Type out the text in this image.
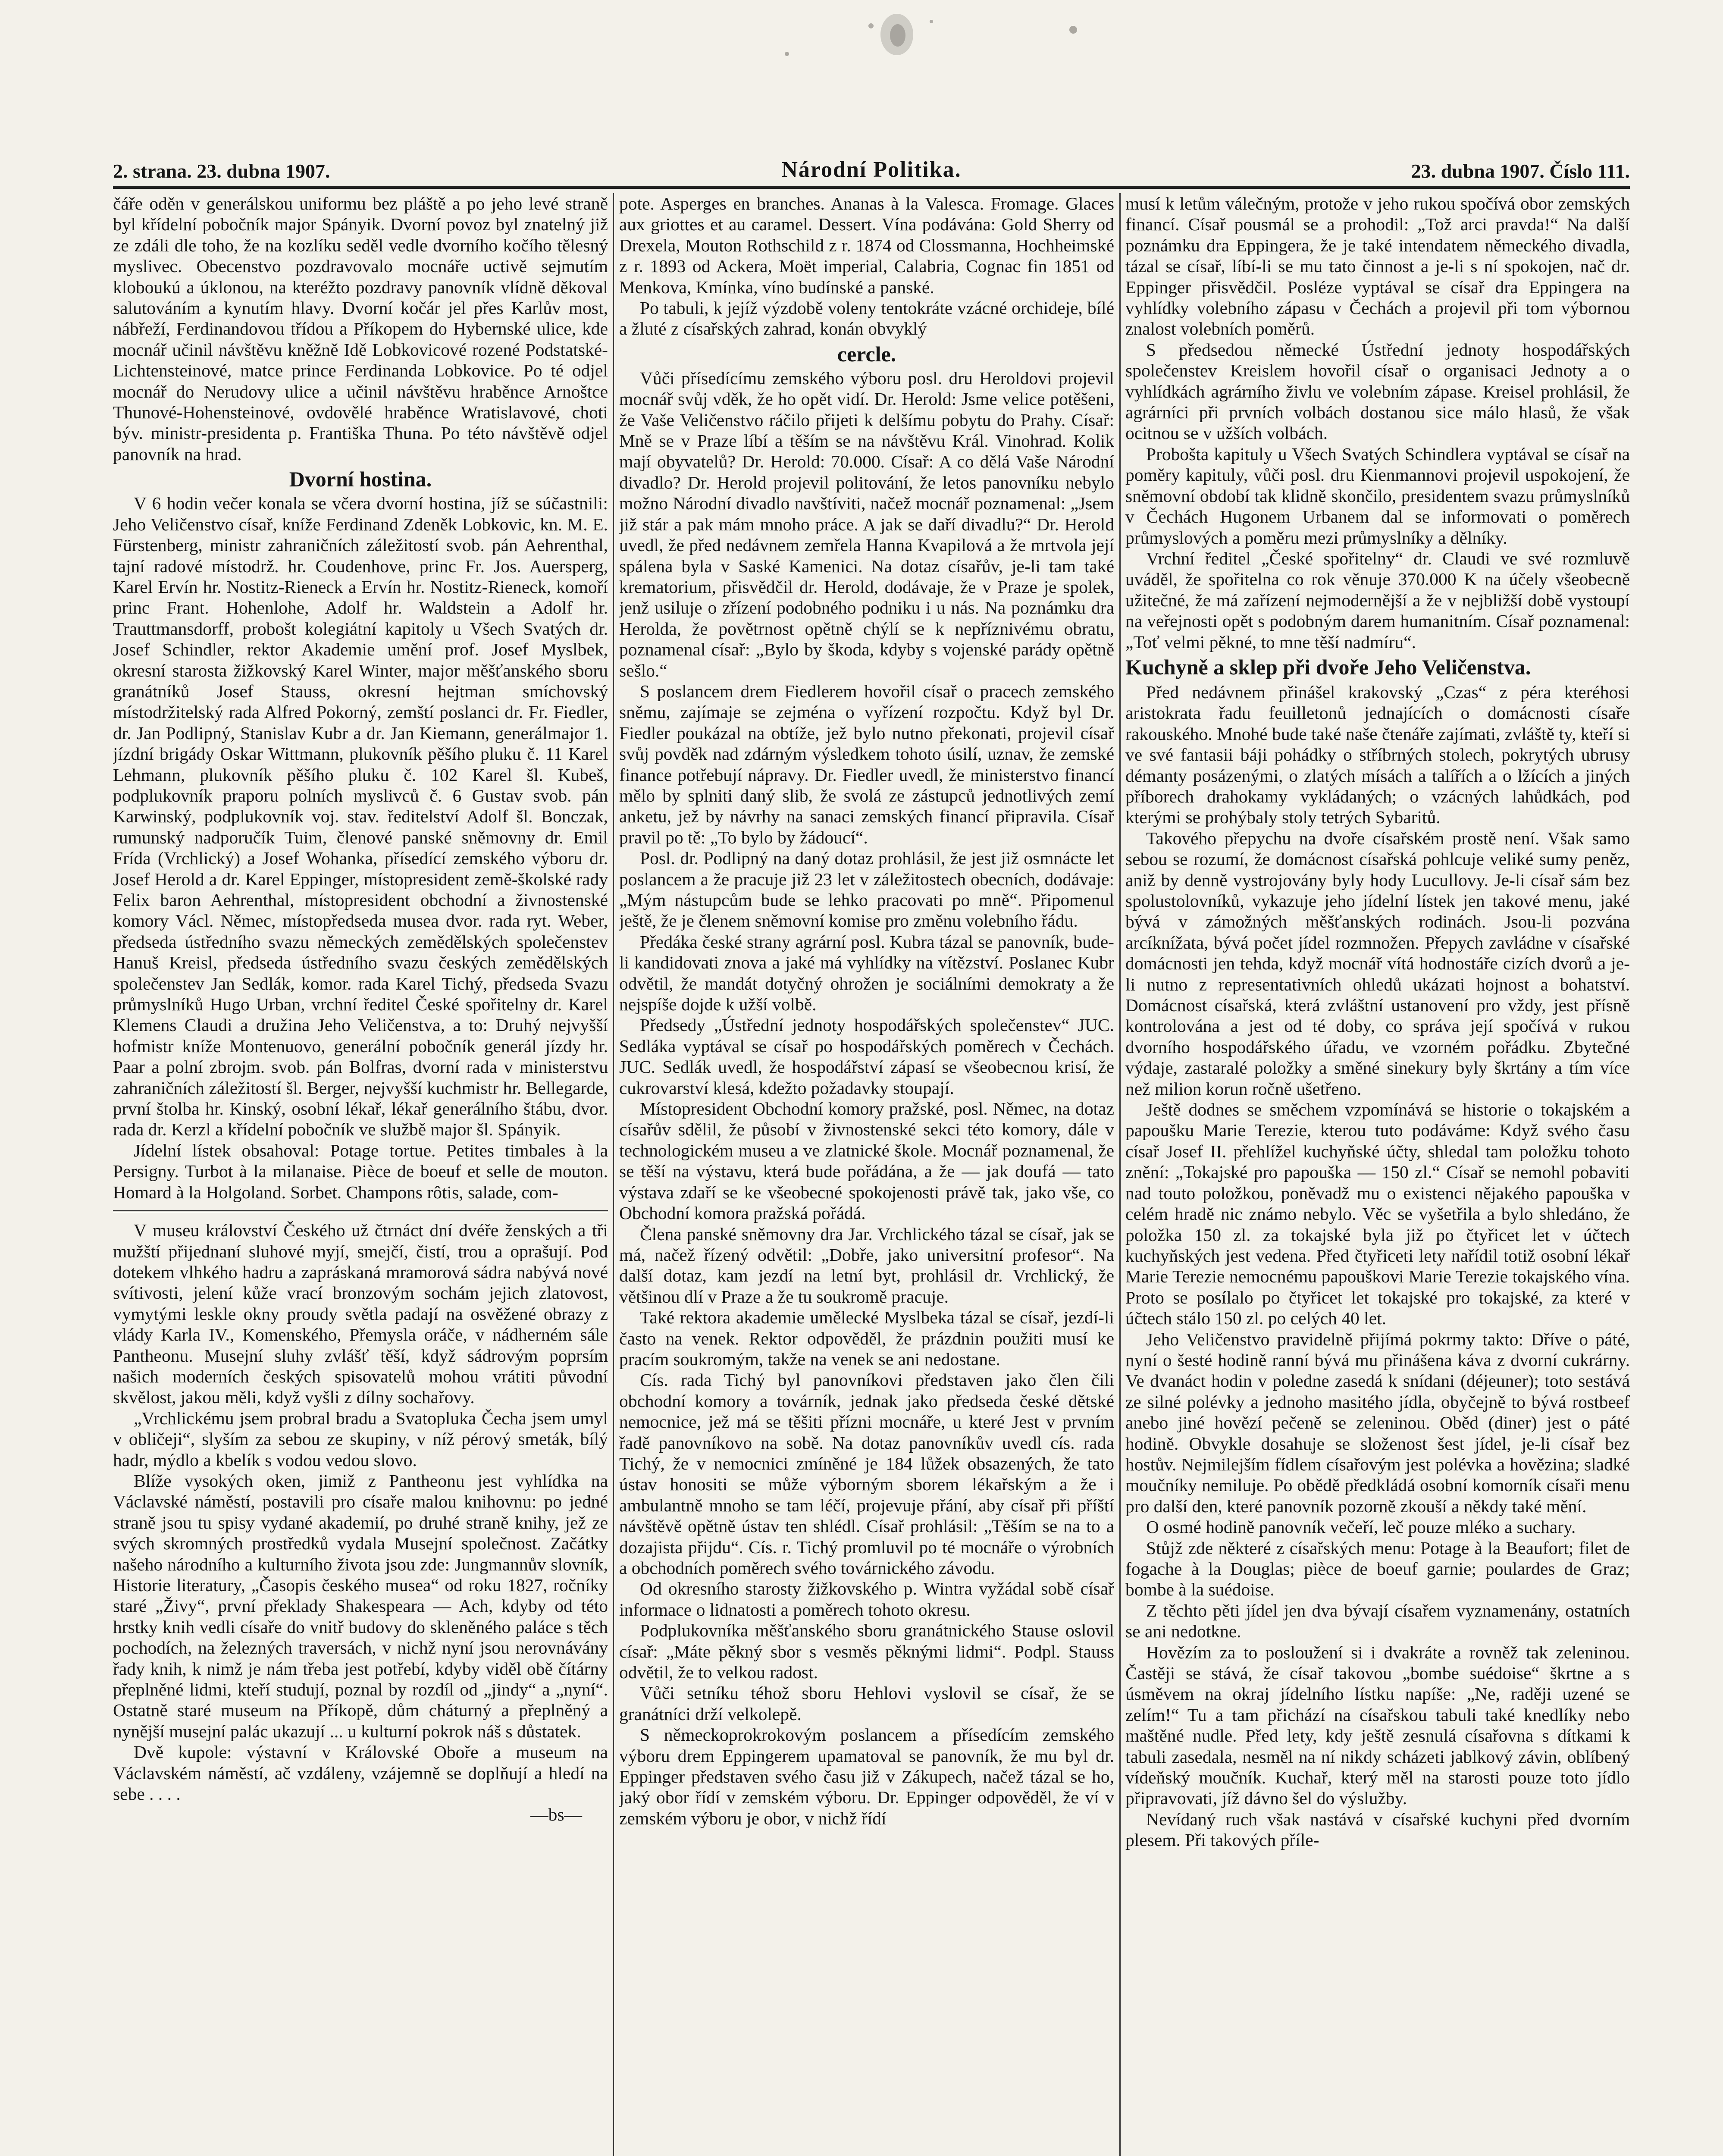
2. strana. 23. dubna 1907.	Národní Politika.	23. dubna 1907. Číslo 111.

čáře oděn v generálskou uniformu bez pláště a po jeho levé straně byl křídelní pobočník major Spányik. Dvorní povoz byl znatelný již ze zdáli dle toho, že na kozlíku seděl vedle dvorního kočího tělesný myslivec. Obecenstvo pozdravovalo mocnáře uctivě sejmutím kloboukú a úklonou, na kteréžto pozdravy panovník vlídně děkoval salutováním a kynutím hlavy. Dvorní kočár jel přes Karlův most, nábřeží, Ferdinandovou třídou a Příkopem do Hybernské ulice, kde mocnář učinil návštěvu kněžně Idě Lobkovicové rozené Podstatské-Lichtensteinové, matce prince Ferdinanda Lobkovice. Po té odjel mocnář do Nerudovy ulice a učinil návštěvu hraběnce Arnoštce Thunové-Hohensteinové, ovdovělé hraběnce Wratislavové, choti býv. ministr-presidenta p. Františka Thuna. Po této návštěvě odjel panovník na hrad.

Dvorní hostina.

V 6 hodin večer konala se včera dvorní hostina, jíž se súčastnili: Jeho Veličenstvo císař, kníže Ferdinand Zdeněk Lobkovic, kn. M. E. Fürstenberg, ministr zahraničních záležitostí svob. pán Aehrenthal, tajní radové místodrž. hr. Coudenhove, princ Fr. Jos. Auersperg, Karel Ervín hr. Nostitz-Rieneck a Ervín hr. Nostitz-Rieneck, komoří princ Frant. Hohenlohe, Adolf hr. Waldstein a Adolf hr. Trauttmansdorff, probošt kolegiátní kapitoly u Všech Svatých dr. Josef Schindler, rektor Akademie umění prof. Josef Myslbek, okresní starosta žižkovský Karel Winter, major měšťanského sboru granátníků Josef Stauss, okresní hejtman smíchovský místodržitelský rada Alfred Pokorný, zemští poslanci dr. Fr. Fiedler, dr. Jan Podlipný, Stanislav Kubr a dr. Jan Kiemann, generálmajor 1. jízdní brigády Oskar Wittmann, plukovník pěšího pluku č. 11 Karel Lehmann, plukovník pěšího pluku č. 102 Karel šl. Kubeš, podplukovník praporu polních myslivců č. 6 Gustav svob. pán Karwinský, podplukovník voj. stav. ředitelství Adolf šl. Bonczak, rumunský nadporučík Tuim, členové panské sněmovny dr. Emil Frída (Vrchlický) a Josef Wohanka, přísedící zemského výboru dr. Josef Herold a dr. Karel Eppinger, místopresident země-školské rady Felix baron Aehrenthal, místopresident obchodní a živnostenské komory Václ. Němec, místopředseda musea dvor. rada ryt. Weber, předseda ústředního svazu německých zemědělských společenstev Hanuš Kreisl, předseda ústředního svazu českých zemědělských společenstev Jan Sedlák, komor. rada Karel Tichý, předseda Svazu průmyslníků Hugo Urban, vrchní ředitel České spořitelny dr. Karel Klemens Claudi a družina Jeho Veličenstva, a to: Druhý nejvyšší hofmistr kníže Montenuovo, generální pobočník generál jízdy hr. Paar a polní zbrojm. svob. pán Bolfras, dvorní rada v ministerstvu zahraničních záležitostí šl. Berger, nejvyšší kuchmistr hr. Bellegarde, první štolba hr. Kinský, osobní lékař, lékař generálního štábu, dvor. rada dr. Kerzl a křídelní pobočník ve službě major šl. Spányik.

Jídelní lístek obsahoval: Potage tortue. Petites timbales à la Persigny. Turbot à la milanaise. Pièce de boeuf et selle de mouton. Homard à la Holgoland. Sorbet. Champons rôtis, salade, com-

V museu království Českého už čtrnáct dní dvéře ženských a tři mužští přijednaní sluhové myjí, smejčí, čistí, trou a oprašují. Pod dotekem vlhkého hadru a zapráskaná mramorová sádra nabývá nové svítivosti, jelení kůže vrací bronzovým sochám jejich zlatovost, vymytými leskle okny proudy světla padají na osvěžené obrazy z vlády Karla IV., Komenského, Přemysla oráče, v nádherném sále Pantheonu. Musejní sluhy zvlášť těší, když sádrovým poprsím našich moderních českých spisovatelů mohou vrátiti původní skvělost, jakou měli, když vyšli z dílny sochařovy.

„Vrchlickému jsem probral bradu a Svatopluka Čecha jsem umyl v obličeji“, slyším za sebou ze skupiny, v níž pérový smeták, bílý hadr, mýdlo a kbelík s vodou vedou slovo.

Blíže vysokých oken, jimiž z Pantheonu jest vyhlídka na Václavské náměstí, postavili pro císaře malou knihovnu: po jedné straně jsou tu spisy vydané akademií, po druhé straně knihy, jež ze svých skromných prostředků vydala Musejní společnost. Začátky našeho národního a kulturního života jsou zde: Jungmannův slovník, Historie literatury, „Časopis českého musea“ od roku 1827, ročníky staré „Živy“, první překlady Shakespeara — Ach, kdyby od této hrstky knih vedli císaře do vnitř budovy do skleněného paláce s těch pochodích, na železných traversách, v nichž nyní jsou nerovnávány řady knih, k nimž je nám třeba jest potřebí, kdyby viděl obě čítárny přeplněné lidmi, kteří studují, poznal by rozdíl od „jindy“ a „nyní“. Ostatně staré museum na Příkopě, dům cháturný a přeplněný a nynější musejní palác ukazují ... u kulturní pokrok náš s důstatek.

Dvě kupole: výstavní v Královské Oboře a museum na Václavském náměstí, ač vzdáleny, vzájemně se doplňují a hledí na sebe . . . .

—bs—

pote. Asperges en branches. Ananas à la Valesca. Fromage. Glaces aux griottes et au caramel. Dessert. Vína podávána: Gold Sherry od Drexela, Mouton Rothschild z r. 1874 od Clossmanna, Hochheimské z r. 1893 od Ackera, Moët imperial, Calabria, Cognac fin 1851 od Menkova, Kmínka, víno budínské a panské.

Po tabuli, k jejíž výzdobě voleny tentokráte vzácné orchideje, bílé a žluté z císařských zahrad, konán obvyklý

cercle.

Vůči přísedícímu zemského výboru posl. dru Heroldovi projevil mocnář svůj vděk, že ho opět vidí. Dr. Herold: Jsme velice potěšeni, že Vaše Veličenstvo ráčilo přijeti k delšímu pobytu do Prahy. Císař: Mně se v Praze líbí a těším se na návštěvu Král. Vinohrad. Kolik mají obyvatelů? Dr. Herold: 70.000. Císař: A co dělá Vaše Národní divadlo? Dr. Herold projevil politování, že letos panovníku nebylo možno Národní divadlo navštíviti, načež mocnář poznamenal: „Jsem již stár a pak mám mnoho práce. A jak se daří divadlu?“ Dr. Herold uvedl, že před nedávnem zemřela Hanna Kvapilová a že mrtvola její spálena byla v Saské Kamenici. Na dotaz císařův, je-li tam také krematorium, přisvědčil dr. Herold, dodávaje, že v Praze je spolek, jenž usiluje o zřízení podobného podniku i u nás. Na poznámku dra Herolda, že povětrnost opětně chýlí se k nepříznivému obratu, poznamenal císař: „Bylo by škoda, kdyby s vojenské parády opětně sešlo.“

S poslancem drem Fiedlerem hovořil císař o pracech zemského sněmu, zajímaje se zejména o vyřízení rozpočtu. Když byl Dr. Fiedler poukázal na obtíže, jež bylo nutno překonati, projevil císař svůj povděk nad zdárným výsledkem tohoto úsilí, uznav, že zemské finance potřebují nápravy. Dr. Fiedler uvedl, že ministerstvo financí mělo by splniti daný slib, že svolá ze zástupců jednotlivých zemí anketu, jež by návrhy na sanaci zemských financí připravila. Císař pravil po tě: „To bylo by žádoucí“.

Posl. dr. Podlipný na daný dotaz prohlásil, že jest již osmnácte let poslancem a že pracuje již 23 let v záležitostech obecních, dodávaje: „Mým nástupcům bude se lehko pracovati po mně“. Připomenul ještě, že je členem sněmovní komise pro změnu volebního řádu.

Předáka české strany agrární posl. Kubra tázal se panovník, bude-li kandidovati znova a jaké má vyhlídky na vítězství. Poslanec Kubr odvětil, že mandát dotyčný ohrožen je sociálními demokraty a že nejspíše dojde k užší volbě.

Předsedy „Ústřední jednoty hospodářských společenstev“ JUC. Sedláka vyptával se císař po hospodářských poměrech v Čechách. JUC. Sedlák uvedl, že hospodářství zápasí se všeobecnou krisí, že cukrovarství klesá, kdežto požadavky stoupají.

Místopresident Obchodní komory pražské, posl. Němec, na dotaz císařův sdělil, že působí v živnostenské sekci této komory, dále v technologickém museu a ve zlatnické škole. Mocnář poznamenal, že se těší na výstavu, která bude pořádána, a že — jak doufá — tato výstava zdaří se ke všeobecné spokojenosti právě tak, jako vše, co Obchodní komora pražská pořádá.

Člena panské sněmovny dra Jar. Vrchlického tázal se císař, jak se má, načež řízený odvětil: „Dobře, jako universitní profesor“. Na další dotaz, kam jezdí na letní byt, prohlásil dr. Vrchlický, že většinou dlí v Praze a že tu soukromě pracuje.

Také rektora akademie umělecké Myslbeka tázal se císař, jezdí-li často na venek. Rektor odpověděl, že prázdnin použiti musí ke pracím soukromým, takže na venek se ani nedostane.

Cís. rada Tichý byl panovníkovi představen jako člen čili obchodní komory a továrník, jednak jako předseda české dětské nemocnice, jež má se těšiti přízni mocnáře, u které Jest v prvním řadě panovníkovo na sobě. Na dotaz panovníkův uvedl cís. rada Tichý, že v nemocnici zmíněné je 184 lůžek obsazených, že tato ústav honositi se může výborným sborem lékařským a že i ambulantně mnoho se tam léčí, projevuje přání, aby císař při příští návštěvě opětně ústav ten shlédl. Císař prohlásil: „Těším se na to a dozajista přijdu“. Cís. r. Tichý promluvil po té mocnáře o výrobních a obchodních poměrech svého továrnického závodu.

Od okresního starosty žižkovského p. Wintra vyžádal sobě císař informace o lidnatosti a poměrech tohoto okresu.

Podplukovníka měšťanského sboru granátnického Stause oslovil císař: „Máte pěkný sbor s vesměs pěknými lidmi“. Podpl. Stauss odvětil, že to velkou radost.

Vůči setníku téhož sboru Hehlovi vyslovil se císař, že se granátníci drží velkolepě.

S německoprokrokovým poslancem a přísedícím zemského výboru drem Eppingerem upamatoval se panovník, že mu byl dr. Eppinger představen svého času již v Zákupech, načež tázal se ho, jaký obor řídí v zemském výboru. Dr. Eppinger odpověděl, že ví v zemském výboru je obor, v nichž řídí

musí k letům válečným, protože v jeho rukou spočívá obor zemských financí. Císař pousmál se a prohodil: „Tož arci pravda!“ Na další poznámku dra Eppingera, že je také intendatem německého divadla, tázal se císař, líbí-li se mu tato činnost a je-li s ní spokojen, nač dr. Eppinger přisvědčil. Posléze vyptával se císař dra Eppingera na vyhlídky volebního zápasu v Čechách a projevil při tom výbornou znalost volebních poměrů.

S předsedou německé Ústřední jednoty hospodářských společenstev Kreislem hovořil císař o organisaci Jednoty a o vyhlídkách agrárního živlu ve volebním zápase. Kreisel prohlásil, že agrárníci při prvních volbách dostanou sice málo hlasů, že však ocitnou se v užších volbách.

Probošta kapituly u Všech Svatých Schindlera vyptával se císař na poměry kapituly, vůči posl. dru Kienmannovi projevil uspokojení, že sněmovní období tak klidně skončilo, presidentem svazu průmyslníků v Čechách Hugonem Urbanem dal se informovati o poměrech průmyslových a poměru mezi průmyslníky a dělníky.

Vrchní ředitel „České spořitelny“ dr. Claudi ve své rozmluvě uváděl, že spořitelna co rok věnuje 370.000 K na účely všeobecně užitečné, že má zařízení nejmodernější a že v nejbližší době vystoupí na veřejnosti opět s podobným darem humanitním. Císař poznamenal: „Toť velmi pěkné, to mne těší nadmíru“.

Kuchyně a sklep při dvoře Jeho Veličenstva.

Před nedávnem přinášel krakovský „Czas“ z péra kteréhosi aristokrata řadu feuilletonů jednajících o domácnosti císaře rakouského. Mnohé bude také naše čtenáře zajímati, zvláště ty, kteří si ve své fantasii báji pohádky o stříbrných stolech, pokrytých ubrusy démanty posázenými, o zlatých mísách a talířích a o lžících a jiných příborech drahokamy vykládaných; o vzácných lahůdkách, pod kterými se prohýbaly stoly tetrých Sybaritů.

Takového přepychu na dvoře císařském prostě není. Však samo sebou se rozumí, že domácnost císařská pohlcuje veliké sumy peněz, aniž by denně vystrojovány byly hody Lucullovy. Je-li císař sám bez spolustolovníků, vykazuje jeho jídelní lístek jen takové menu, jaké bývá v zámožných měšťanských rodinách. Jsou-li pozvána arcíknížata, bývá počet jídel rozmnožen. Přepych zavládne v císařské domácnosti jen tehda, když mocnář vítá hodnostáře cizích dvorů a je-li nutno z representativních ohledů ukázati hojnost a bohatství. Domácnost císařská, která zvláštní ustanovení pro vždy, jest přísně kontrolována a jest od té doby, co správa její spočívá v rukou dvorního hospodářského úřadu, ve vzorném pořádku. Zbytečné výdaje, zastaralé položky a směné sinekury byly škrtány a tím více než milion korun ročně ušetřeno.

Ještě dodnes se směchem vzpomínává se historie o tokajském a papoušku Marie Terezie, kterou tuto podáváme: Když svého času císař Josef II. přehlížel kuchyňské účty, shledal tam položku tohoto znění: „Tokajské pro papouška — 150 zl.“ Císař se nemohl pobaviti nad touto položkou, poněvadž mu o existenci nějakého papouška v celém hradě nic známo nebylo. Věc se vyšetřila a bylo shledáno, že položka 150 zl. za tokajské byla již po čtyřicet let v účtech kuchyňských jest vedena. Před čtyřiceti lety nařídil totiž osobní lékař Marie Terezie nemocnému papouškovi Marie Terezie tokajského vína. Proto se posílalo po čtyřicet let tokajské pro tokajské, za které v účtech stálo 150 zl. po celých 40 let.

Jeho Veličenstvo pravidelně přijímá pokrmy takto: Dříve o páté, nyní o šesté hodině ranní bývá mu přinášena káva z dvorní cukrárny. Ve dvanáct hodin v poledne zasedá k snídani (déjeuner); toto sestává ze silné polévky a jednoho masitého jídla, obyčejně to bývá rostbeef anebo jiné hovězí pečeně se zeleninou. Oběd (diner) jest o páté hodině. Obvykle dosahuje se složenost šest jídel, je-li císař bez hostův. Nejmilejším fídlem císařovým jest polévka a hovězina; sladké moučníky nemiluje. Po obědě předkládá osobní komorník císaři menu pro další den, které panovník pozorně zkouší a někdy také mění.

O osmé hodině panovník večeří, leč pouze mléko a suchary.

Stůjž zde některé z císařských menu: Potage à la Beaufort; filet de fogache à la Douglas; pièce de boeuf garnie; poulardes de Graz; bombe à la suédoise.

Z těchto pěti jídel jen dva bývají císařem vyznamenány, ostatních se ani nedotkne.

Hovězím za to posloužení si i dvakráte a rovněž tak zeleninou. Častěji se stává, že císař takovou „bombe suédoise“ škrtne a s úsměvem na okraj jídelního lístku napíše: „Ne, raději uzené se zelím!“ Tu a tam přichází na císařskou tabuli také knedlíky nebo maštěné nudle. Před lety, kdy ještě zesnulá císařovna s dítkami k tabuli zasedala, nesměl na ní nikdy scházeti jablkový závin, oblíbený vídeňský moučník. Kuchař, který měl na starosti pouze toto jídlo připravovati, jíž dávno šel do výslužby.

Nevídaný ruch však nastává v císařské kuchyni před dvorním plesem. Při takových příle-
